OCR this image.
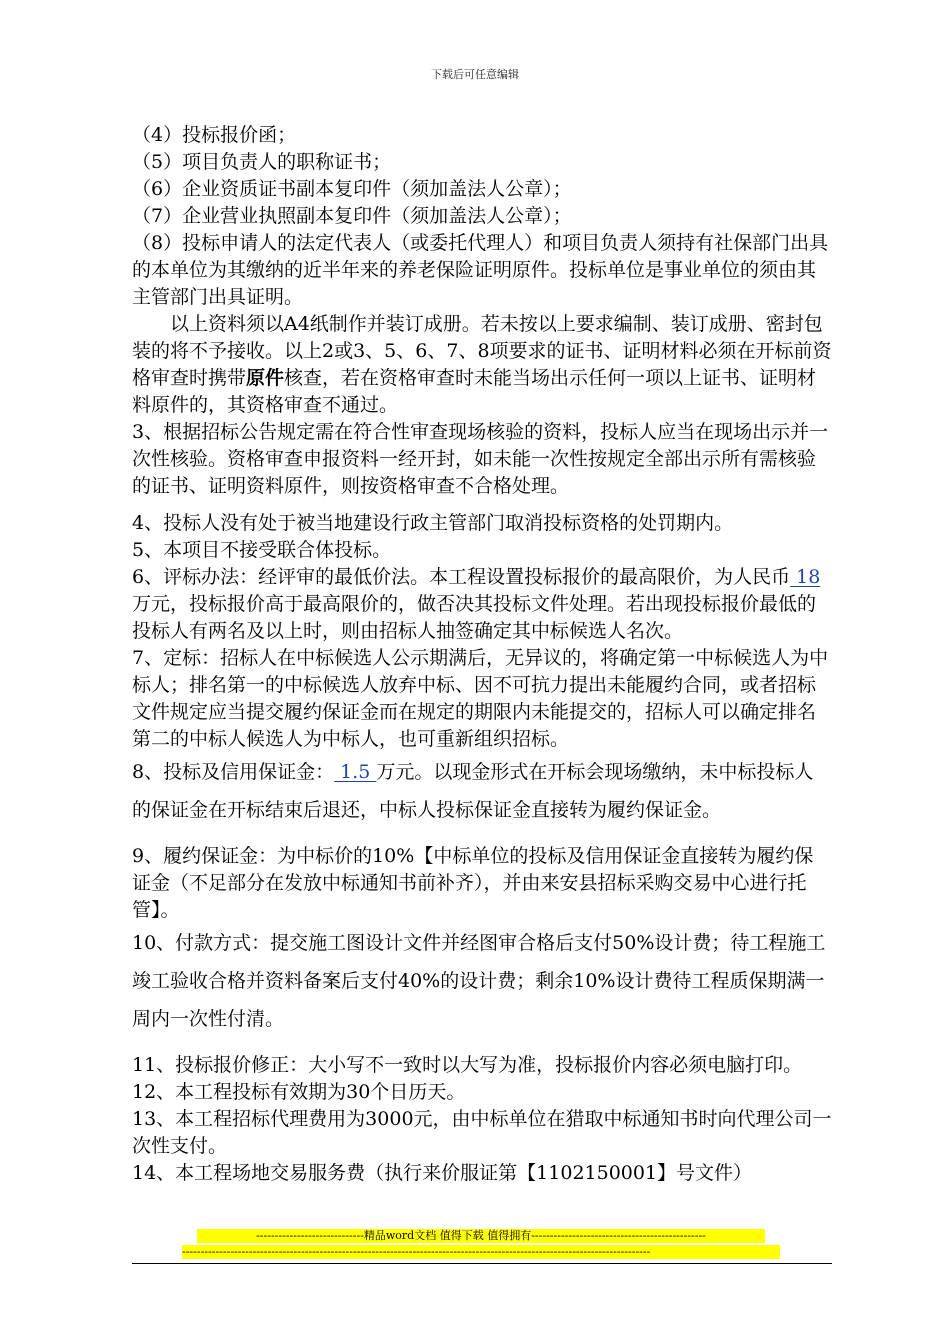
下载后可任意编辑

（4）投标报价函；

（5）项目负责人的职称证书；

（6）企业资质证书副本复印件（须加盖法人公章）；

（7）企业营业执照副本复印件（须加盖法人公章）；

（8）投标申请人的法定代表人（或委托代理人）和项目负责人须持有社保部门出具的本单位为其缴纳的近半年来的养老保险证明原件。投标单位是事业单位的须由其主管部门出具证明。

以上资料须以A4纸制作并装订成册。若未按以上要求编制、装订成册、密封包装的将不予接收。以上2或3、5、6、7、8项要求的证书、证明材料必须在开标前资格审查时携带原件核查，若在资格审查时未能当场出示任何一项以上证书、证明材料原件的，其资格审查不通过。

3、根据招标公告规定需在符合性审查现场核验的资料，投标人应当在现场出示并一次性核验。资格审查申报资料一经开封，如未能一次性按规定全部出示所有需核验的证书、证明资料原件，则按资格审查不合格处理。

4、投标人没有处于被当地建设行政主管部门取消投标资格的处罚期内。

5、本项目不接受联合体投标。

6、评标办法：经评审的最低价法。本工程设置投标报价的最高限价，为人民币 18 万元，投标报价高于最高限价的，做否决其投标文件处理。若出现投标报价最低的投标人有两名及以上时，则由招标人抽签确定其中标候选人名次。

7、定标：招标人在中标候选人公示期满后，无异议的，将确定第一中标候选人为中标人；排名第一的中标候选人放弃中标、因不可抗力提出未能履约合同，或者招标文件规定应当提交履约保证金而在规定的期限内未能提交的，招标人可以确定排名第二的中标人候选人为中标人，也可重新组织招标。

8、投标及信用保证金： 1.5 万元。以现金形式在开标会现场缴纳，未中标投标人的保证金在开标结束后退还，中标人投标保证金直接转为履约保证金。

9、履约保证金：为中标价的10%【中标单位的投标及信用保证金直接转为履约保证金（不足部分在发放中标通知书前补齐），并由来安县招标采购交易中心进行托管】。

10、付款方式：提交施工图设计文件并经图审合格后支付50%设计费；待工程施工竣工验收合格并资料备案后支付40%的设计费；剩余10%设计费待工程质保期满一周内一次性付清。

11、投标报价修正：大小写不一致时以大写为准，投标报价内容必须电脑打印。

12、本工程投标有效期为30个日历天。

13、本工程招标代理费用为3000元，由中标单位在猎取中标通知书时向代理公司一次性支付。

14、本工程场地交易服务费（执行来价服证第【1102150001】号文件）

-----------------------------精品word文档 值得下载 值得拥有-----------------------------------------------
------------------------------------------------------------------------------------------------------------------------------
